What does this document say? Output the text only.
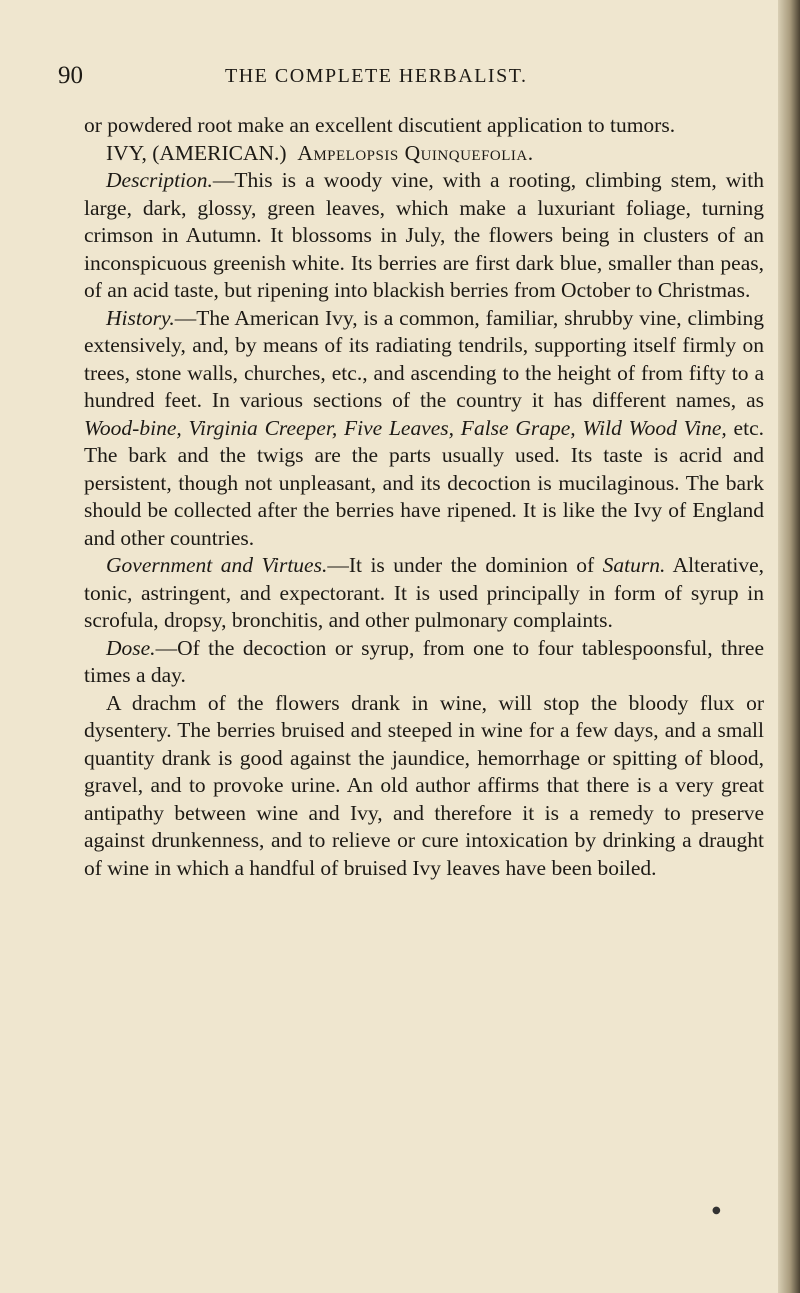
90	THE COMPLETE HERBALIST.

or powdered root make an excellent discutient application to tumors.

IVY, (AMERICAN.) Ampelopsis Quinquefolia.

Description.—This is a woody vine, with a rooting, climbing stem, with large, dark, glossy, green leaves, which make a luxuriant foliage, turning crimson in Autumn. It blossoms in July, the flowers being in clusters of an inconspicuous greenish white. Its berries are first dark blue, smaller than peas, of an acid taste, but ripening into blackish berries from October to Christmas.

History.—The American Ivy, is a common, familiar, shrubby vine, climbing extensively, and, by means of its radiating tendrils, supporting itself firmly on trees, stone walls, churches, etc., and ascending to the height of from fifty to a hundred feet. In various sections of the country it has different names, as Wood-bine, Virginia Creeper, Five Leaves, False Grape, Wild Wood Vine, etc. The bark and the twigs are the parts usually used. Its taste is acrid and persistent, though not unpleasant, and its decoction is mucilaginous. The bark should be collected after the berries have ripened. It is like the Ivy of England and other countries.

Government and Virtues.—It is under the dominion of Saturn. Alterative, tonic, astringent, and expectorant. It is used principally in form of syrup in scrofula, dropsy, bronchitis, and other pulmonary complaints.

Dose.—Of the decoction or syrup, from one to four tablespoonsful, three times a day.

A drachm of the flowers drank in wine, will stop the bloody flux or dysentery. The berries bruised and steeped in wine for a few days, and a small quantity drank is good against the jaundice, hemorrhage or spitting of blood, gravel, and to provoke urine. An old author affirms that there is a very great antipathy between wine and Ivy, and therefore it is a remedy to preserve against drunkenness, and to relieve or cure intoxication by drinking a draught of wine in which a handful of bruised Ivy leaves have been boiled.

●
